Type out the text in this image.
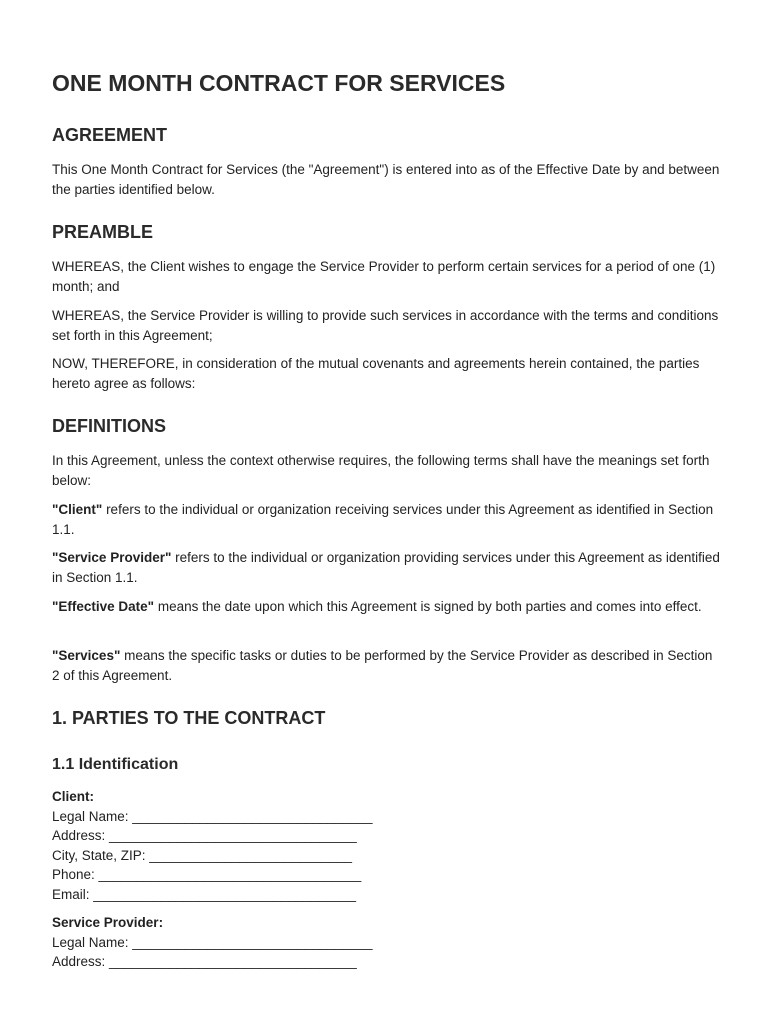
ONE MONTH CONTRACT FOR SERVICES
AGREEMENT

This One Month Contract for Services (the "Agreement") is entered into as of the Effective Date by and between the parties identified below.

PREAMBLE

WHEREAS, the Client wishes to engage the Service Provider to perform certain services for a period of one (1) month; and

WHEREAS, the Service Provider is willing to provide such services in accordance with the terms and conditions set forth in this Agreement;

NOW, THEREFORE, in consideration of the mutual covenants and agreements herein contained, the parties hereto agree as follows:

DEFINITIONS

In this Agreement, unless the context otherwise requires, the following terms shall have the meanings set forth below:

"Client" refers to the individual or organization receiving services under this Agreement as identified in Section 1.1.

"Service Provider" refers to the individual or organization providing services under this Agreement as identified in Section 1.1.

"Effective Date" means the date upon which this Agreement is signed by both parties and comes into effect.

"Services" means the specific tasks or duties to be performed by the Service Provider as described in Section 2 of this Agreement.

1. PARTIES TO THE CONTRACT
1.1 Identification
Client:
Legal Name: ________________________________
Address: _________________________________
City, State, ZIP: ___________________________
Phone: ___________________________________
Email: ___________________________________
Service Provider:
Legal Name: ________________________________
Address: _________________________________
